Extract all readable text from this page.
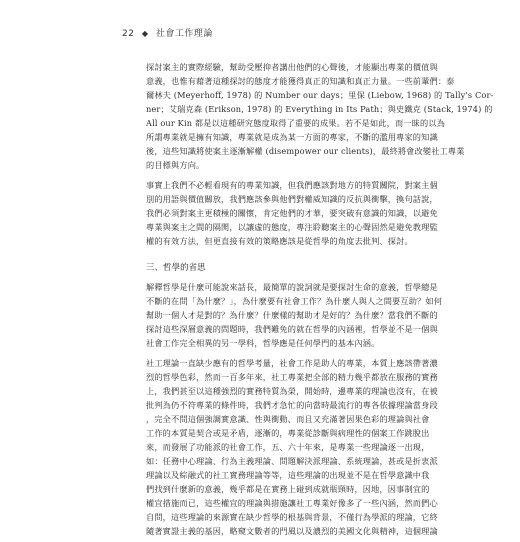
22 ◆ 社會工作理論
探討案主的實際經驗，幫助受壓抑者講出他們的心聲後，才能顯出專業的價值與
意義，也惟有藉著這種探討的態度才能獲得真正的知識和真正力量。一些前輩們：泰
爾林夫 (Meyerhoff, 1978) 的 Number our days；里保 (Liebow, 1968) 的 Tally's Cor-
ner；艾瑞克森 (Erikson, 1978) 的 Everything in Its Path；與史鐵克 (Stack, 1974) 的
All our Kin 都是以這種研究態度取得了重要的成果。若不是如此，而一昧的以為
所謂專業就是擁有知識，專業就是成為某一方面的專家，不斷的濫用專家的知識
後，這些知識將使案主逐漸解權 (disempower our clients)，最終將會改變社工專業
的目標與方向。
事實上我們不必輕看現有的專業知識，但我們應該對地方的特質關院，對案主個
別的用語與價值關放，我們應該參與他們對權威知識的反抗與衝擊，換句話說，
我們必須對案主更積極的關懷，肯定他們的才華，要突破有意識的知識，以避免
專業與案主之間的隔閡，以讓虛的態度，專注聆聽案主的心聲固然是避免教理監
權的有效方法，但更直接有效的策略應該是從哲學的角度去批判、探討。
三、哲學的省思
解釋哲學是什麼可能說來話長，最簡單的說詞就是要探討生命的意義，哲學總是
不斷的在問「為什麼？」，為什麼要有社會工作？為什麼人與人之間要互助？如何
幫助一個人才是對的？為什麼？什麼樣的幫助才是好的？為什麼？當我們不斷的
探討這些深層意義的問題時，我們難免的就在哲學的內涵裡，哲學並不是一個與
社會工作完全相異的另一學科，哲學應是任何學門的基本內涵。
社工理論一直缺少應有的哲學考量，社會工作是助人的專業，本質上應該帶著濃
烈的哲學色彩，然而一百多年來，社工專業把全部的精力幾乎都放在服務的實務
上，我們甚至以這種強烈的實務特質為榮，開始時，邊專業的理論也沒有，在被
批判為仍不符專業的條件時，我們才急忙的向當時最流行的專各依據理論當身段
，完全不問這個強調實意識、性與衝動、而且又充滿著因果色彩的理論與社會
工作的本質是契合或是矛盾，逐漸的，專業從診斷與病理性的個案工作跳脫出
來，而發展了功能派的社會工作，五、六十年來，是專業一些理論逐一出現，
如：任務中心理論、行為主義理論、問題解決派理論、系統理論，甚或是折衷派
理論以及綜融式的社工實務理論等等，這些理論的出現並不是在哲學意識中我
們找到什麼新的意義，幾乎都是在實務上碰到成就瓶頸時，因地，因事制宜的
權宜措施而已，這些權宜的理論與措施讓社工專業好像多了一些內涵，然而們心
自問，這些理論的來源實在缺少哲學的根基與背景，不僅行為學派的理論，它終
隨著實證主義的基因，略窺文數者的門風以及濃烈的美國文化與精神，這個理論
